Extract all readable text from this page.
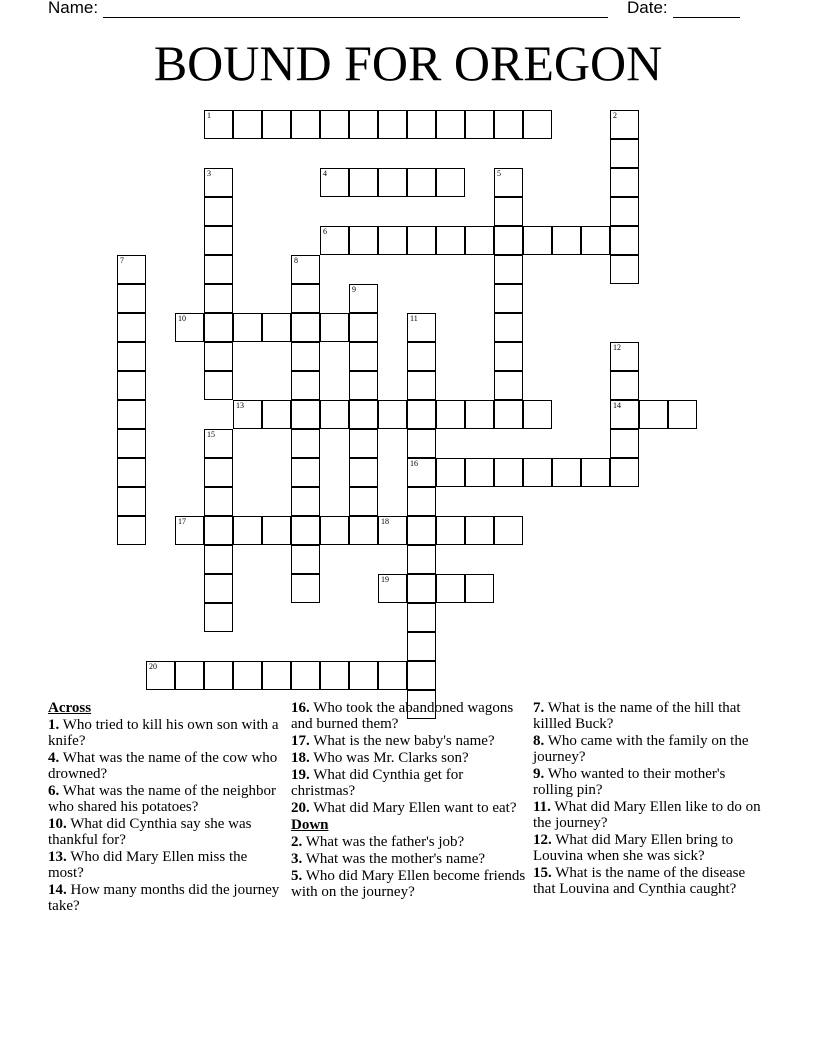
Name:	Date:
BOUND FOR OREGON
1	2
3	4	5
6
7	8
9
10	11
16
12
14
13
15
17	18
19
20

Across

1. Who tried to kill his own son with a knife?

4. What was the name of the cow who drowned?

6. What was the name of the neighbor who shared his potatoes?

10. What did Cynthia say she was thankful for?

13. Who did Mary Ellen miss the most?

14. How many months did the journey take?

16. Who took the abandoned wagons and burned them?

17. What is the new baby's name?

18. Who was Mr. Clarks son?

19. What did Cynthia get for christmas?

20. What did Mary Ellen want to eat?

Down

2. What was the father's job?

3. What was the mother's name?

5. Who did Mary Ellen become friends with on the journey?

7. What is the name of the hill that killled Buck?

8. Who came with the family on the journey?

9. Who wanted to their mother's rolling pin?

11. What did Mary Ellen like to do on the journey?

12. What did Mary Ellen bring to Louvina when she was sick?

15. What is the name of the disease that Louvina and Cynthia caught?
